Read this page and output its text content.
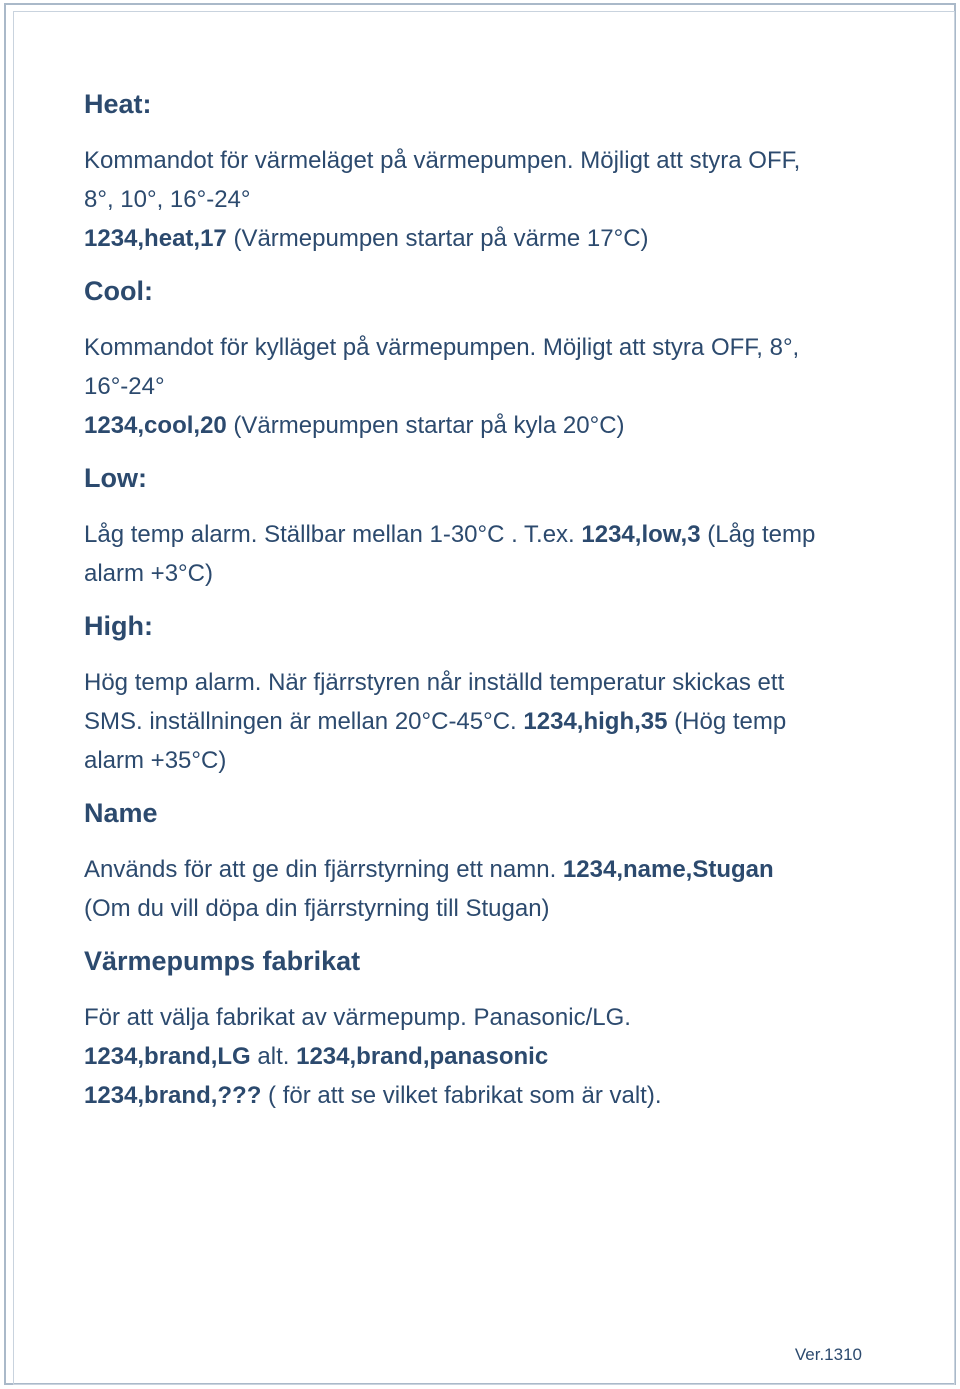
Heat:

Kommandot för värmeläget på värmepumpen. Möjligt att styra OFF,

8°, 10°, 16°-24°

1234,heat,17 (Värmepumpen startar på värme 17°C)

Cool:

Kommandot för kylläget på värmepumpen. Möjligt att styra OFF, 8°,

16°-24°

1234,cool,20 (Värmepumpen startar på kyla 20°C)

Low:

Låg temp alarm. Ställbar mellan 1-30°C . T.ex. 1234,low,3 (Låg temp

alarm +3°C)

High:

Hög temp alarm. När fjärrstyren når inställd temperatur skickas ett

SMS. inställningen är mellan 20°C-45°C. 1234,high,35 (Hög temp

alarm +35°C)

Name

Används för att ge din fjärrstyrning ett namn. 1234,name,Stugan

(Om du vill döpa din fjärrstyrning till Stugan)

Värmepumps fabrikat

För att välja fabrikat av värmepump. Panasonic/LG.

1234,brand,LG alt. 1234,brand,panasonic

1234,brand,??? ( för att se vilket fabrikat som är valt).

Ver.1310
